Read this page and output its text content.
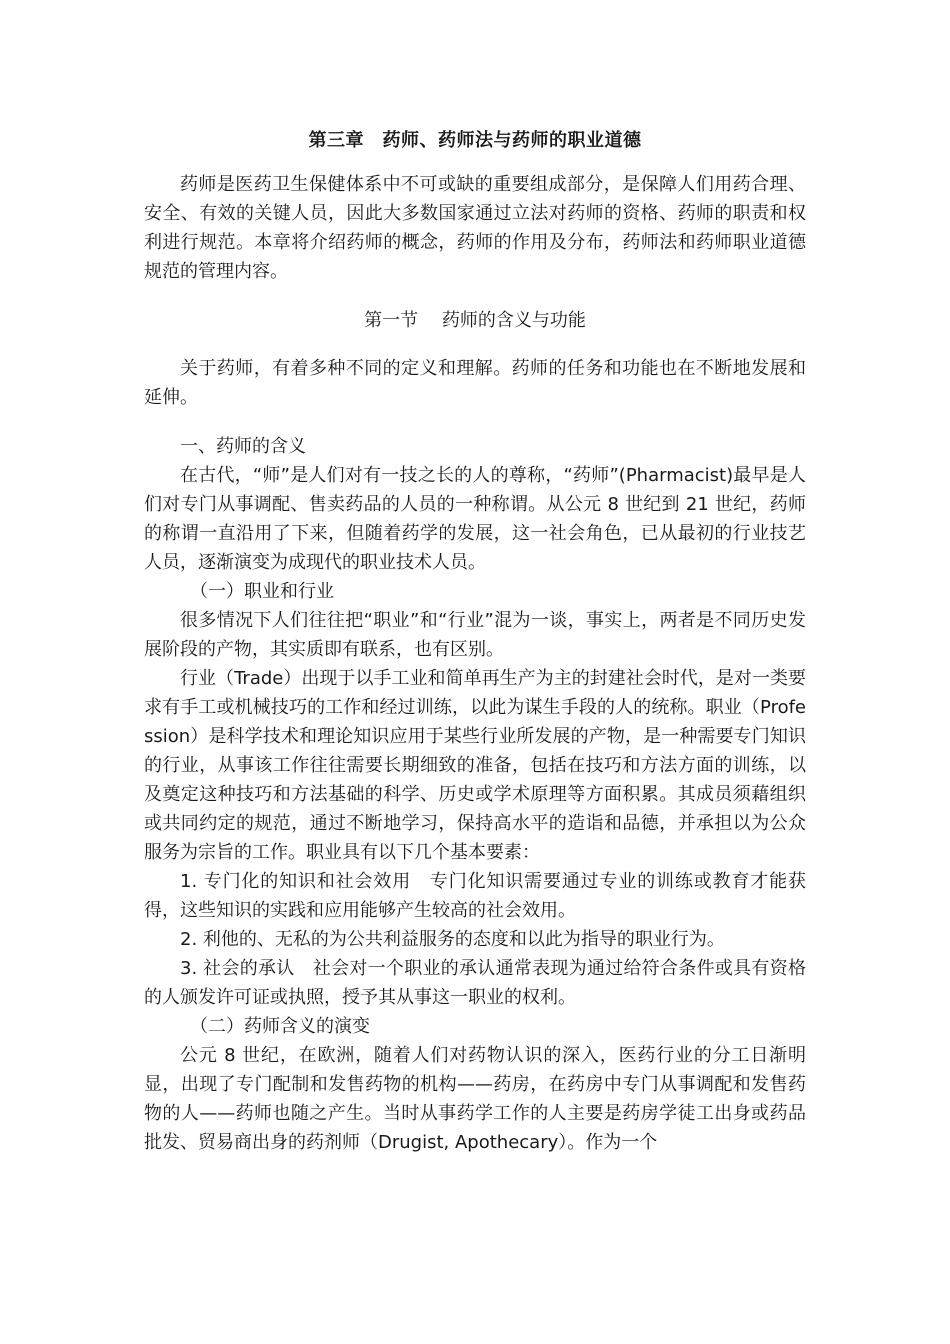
第三章　药师、药师法与药师的职业道德

药师是医药卫生保健体系中不可或缺的重要组成部分，是保障人们用药合理、安全、有效的关键人员，因此大多数国家通过立法对药师的资格、药师的职责和权利进行规范。本章将介绍药师的概念，药师的作用及分布，药师法和药师职业道德规范的管理内容。

第一节　 药师的含义与功能

关于药师，有着多种不同的定义和理解。药师的任务和功能也在不断地发展和延伸。

一、药师的含义

在古代，“师”是人们对有一技之长的人的尊称，“药师”(Pharmacist)最早是人们对专门从事调配、售卖药品的人员的一种称谓。从公元 8 世纪到 21 世纪，药师的称谓一直沿用了下来，但随着药学的发展，这一社会角色，已从最初的行业技艺人员，逐渐演变为成现代的职业技术人员。

（一）职业和行业

很多情况下人们往往把“职业”和“行业”混为一谈，事实上，两者是不同历史发展阶段的产物，其实质即有联系，也有区别。

行业（Trade）出现于以手工业和简单再生产为主的封建社会时代，是对一类要求有手工或机械技巧的工作和经过训练，以此为谋生手段的人的统称。职业（Profession）是科学技术和理论知识应用于某些行业所发展的产物，是一种需要专门知识的行业，从事该工作往往需要长期细致的准备，包括在技巧和方法方面的训练，以及奠定这种技巧和方法基础的科学、历史或学术原理等方面积累。其成员须藉组织或共同约定的规范，通过不断地学习，保持高水平的造诣和品德，并承担以为公众服务为宗旨的工作。职业具有以下几个基本要素：

1. 专门化的知识和社会效用　专门化知识需要通过专业的训练或教育才能获得，这些知识的实践和应用能够产生较高的社会效用。

2. 利他的、无私的为公共利益服务的态度和以此为指导的职业行为。

3. 社会的承认　社会对一个职业的承认通常表现为通过给符合条件或具有资格的人颁发许可证或执照，授予其从事这一职业的权利。

（二）药师含义的演变

公元 8 世纪，在欧洲，随着人们对药物认识的深入，医药行业的分工日渐明显，出现了专门配制和发售药物的机构——药房，在药房中专门从事调配和发售药物的人——药师也随之产生。当时从事药学工作的人主要是药房学徒工出身或药品批发、贸易商出身的药剂师（Drugist, Apothecary）。作为一个
